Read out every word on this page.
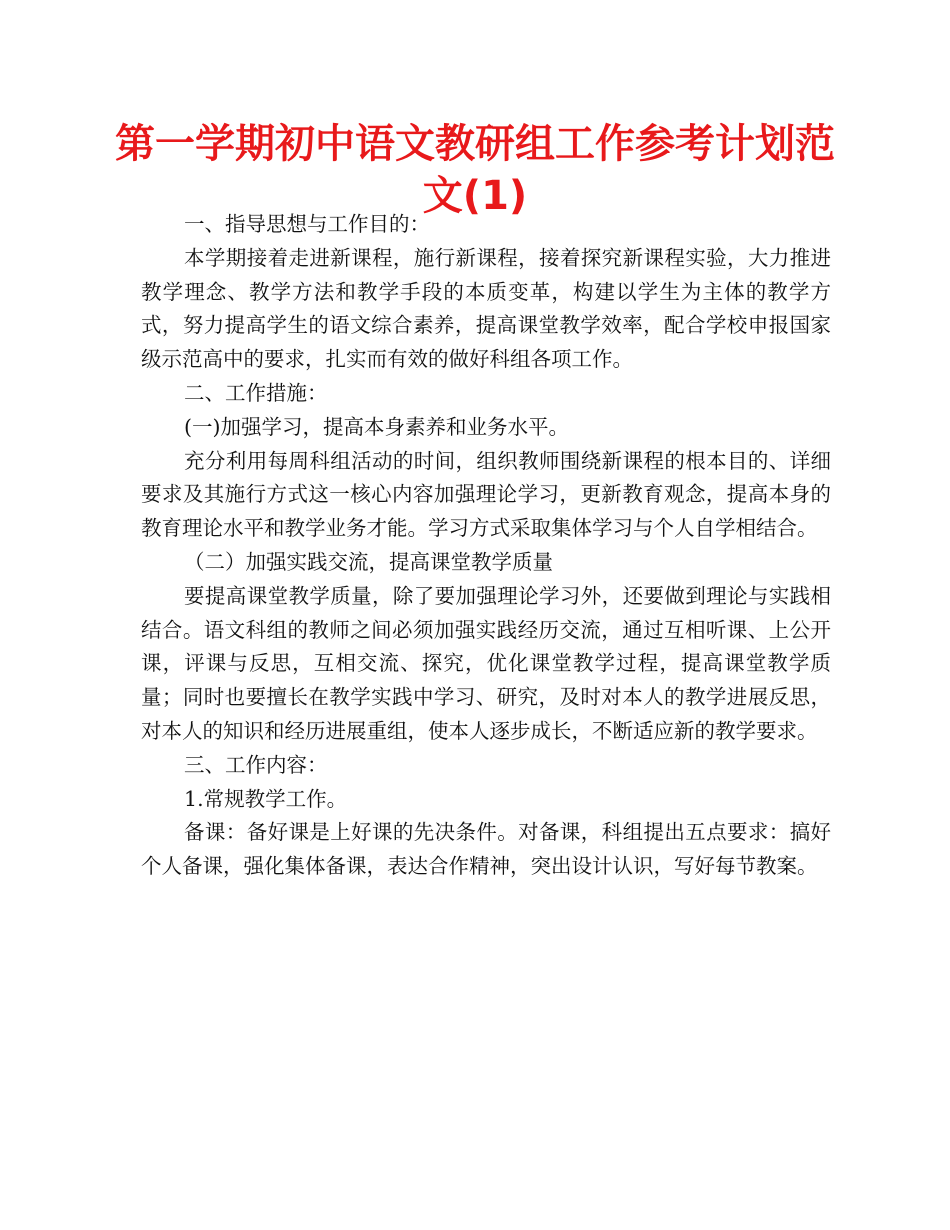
第一学期初中语文教研组工作参考计划范文(1)

一、指导思想与工作目的：

本学期接着走进新课程，施行新课程，接着探究新课程实验，大力推进教学理念、教学方法和教学手段的本质变革，构建以学生为主体的教学方式，努力提高学生的语文综合素养，提高课堂教学效率，配合学校申报国家级示范高中的要求，扎实而有效的做好科组各项工作。

二、工作措施：

(一)加强学习，提高本身素养和业务水平。

充分利用每周科组活动的时间，组织教师围绕新课程的根本目的、详细要求及其施行方式这一核心内容加强理论学习，更新教育观念，提高本身的教育理论水平和教学业务才能。学习方式采取集体学习与个人自学相结合。

（二）加强实践交流，提高课堂教学质量

要提高课堂教学质量，除了要加强理论学习外，还要做到理论与实践相结合。语文科组的教师之间必须加强实践经历交流，通过互相听课、上公开课，评课与反思，互相交流、探究，优化课堂教学过程，提高课堂教学质量；同时也要擅长在教学实践中学习、研究，及时对本人的教学进展反思，对本人的知识和经历进展重组，使本人逐步成长，不断适应新的教学要求。

三、工作内容：

1.常规教学工作。

备课：备好课是上好课的先决条件。对备课，科组提出五点要求：搞好个人备课，强化集体备课，表达合作精神，突出设计认识，写好每节教案。
